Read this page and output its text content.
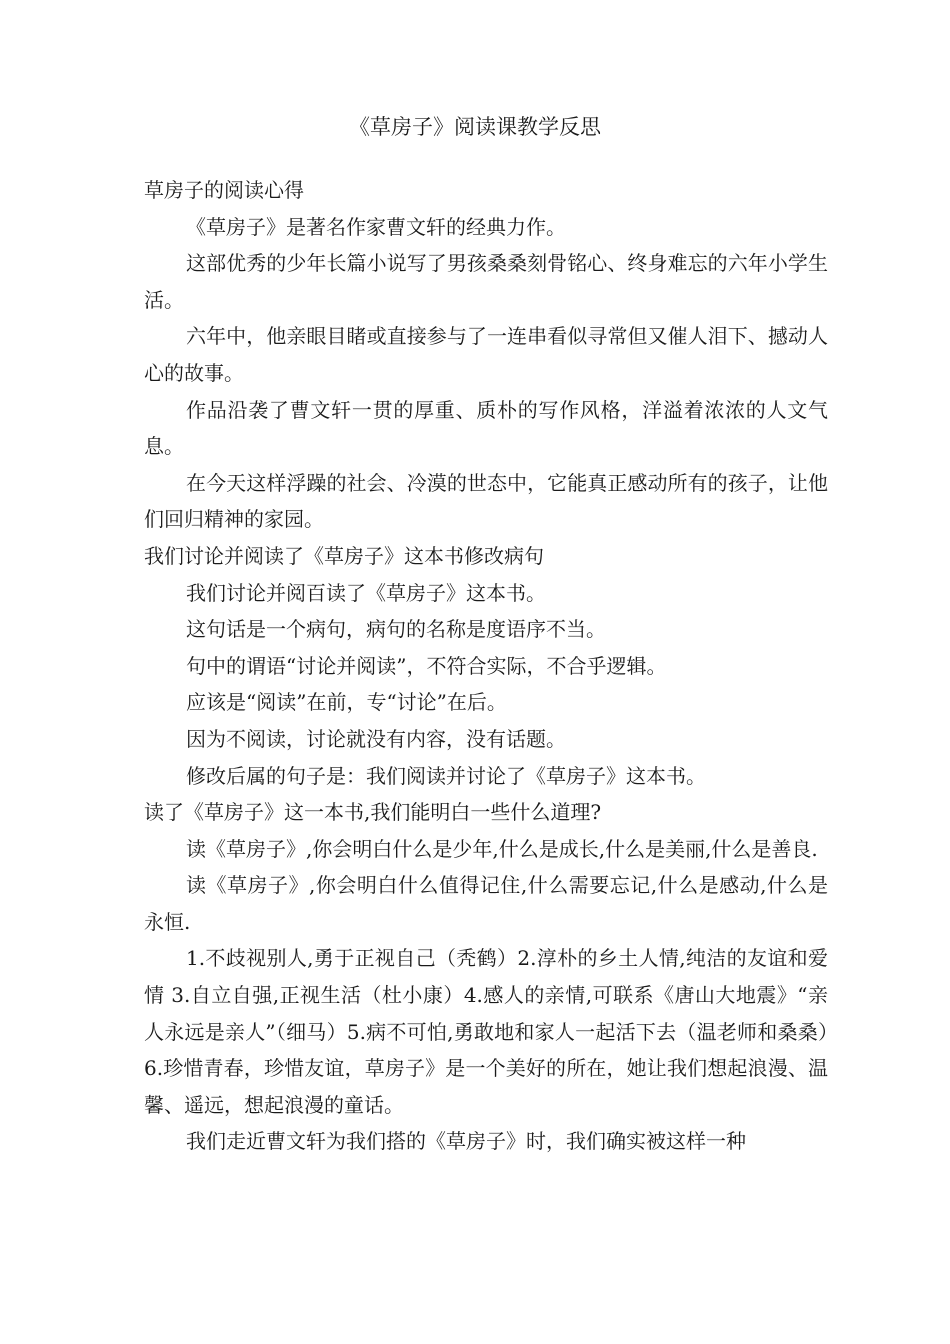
《草房子》阅读课教学反思

草房子的阅读心得

《草房子》是著名作家曹文轩的经典力作。

这部优秀的少年长篇小说写了男孩桑桑刻骨铭心、终身难忘的六年小学生活。

六年中，他亲眼目睹或直接参与了一连串看似寻常但又催人泪下、撼动人心的故事。

作品沿袭了曹文轩一贯的厚重、质朴的写作风格，洋溢着浓浓的人文气息。

在今天这样浮躁的社会、冷漠的世态中，它能真正感动所有的孩子，让他们回归精神的家园。

我们讨论并阅读了《草房子》这本书修改病句

我们讨论并阅百读了《草房子》这本书。

这句话是一个病句，病句的名称是度语序不当。

句中的谓语“讨论并阅读”，不符合实际，不合乎逻辑。

应该是“阅读”在前，专“讨论”在后。

因为不阅读，讨论就没有内容，没有话题。

修改后属的句子是：我们阅读并讨论了《草房子》这本书。

读了《草房子》这一本书,我们能明白一些什么道理?

读《草房子》,你会明白什么是少年,什么是成长,什么是美丽,什么是善良.

读《草房子》,你会明白什么值得记住,什么需要忘记,什么是感动,什么是永恒.

1.不歧视别人,勇于正视自己（秃鹤）2.淳朴的乡土人情,纯洁的友谊和爱情 3.自立自强,正视生活（杜小康）4.感人的亲情,可联系《唐山大地震》“亲人永远是亲人”（细马）5.病不可怕,勇敢地和家人一起活下去（温老师和桑桑）6.珍惜青春，珍惜友谊，草房子》是一个美好的所在，她让我们想起浪漫、温馨、遥远，想起浪漫的童话。

我们走近曹文轩为我们搭的《草房子》时，我们确实被这样一种
